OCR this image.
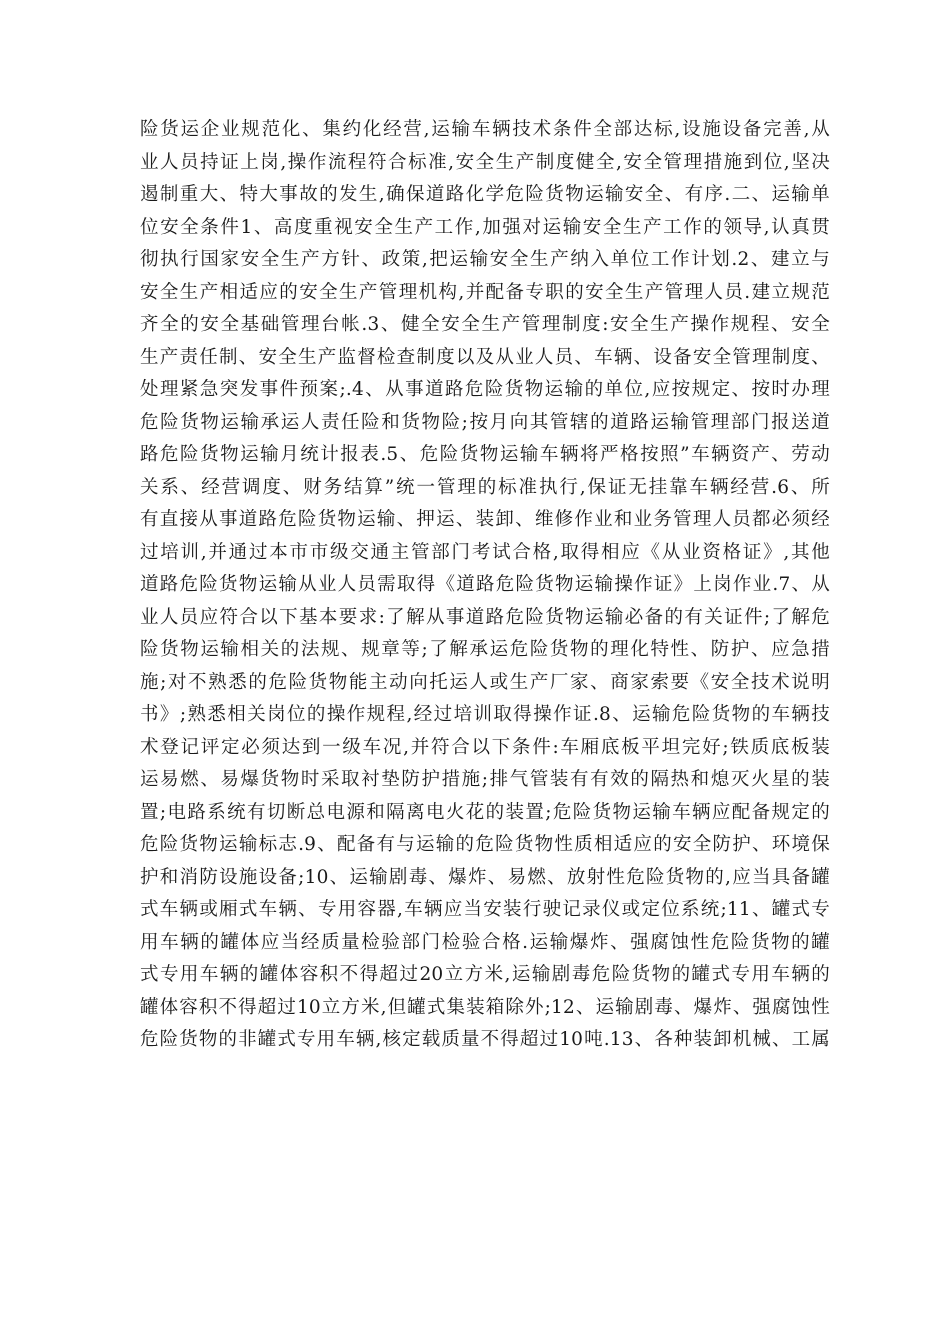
险货运企业规范化、集约化经营,运输车辆技术条件全部达标,设施设备完善,从
业人员持证上岗,操作流程符合标准,安全生产制度健全,安全管理措施到位,坚决
遏制重大、特大事故的发生,确保道路化学危险货物运输安全、有序.二、运输单
位安全条件1、高度重视安全生产工作,加强对运输安全生产工作的领导,认真贯
彻执行国家安全生产方针、政策,把运输安全生产纳入单位工作计划.2、建立与
安全生产相适应的安全生产管理机构,并配备专职的安全生产管理人员.建立规范
齐全的安全基础管理台帐.3、健全安全生产管理制度:安全生产操作规程、安全
生产责任制、安全生产监督检查制度以及从业人员、车辆、设备安全管理制度、
处理紧急突发事件预案;.4、从事道路危险货物运输的单位,应按规定、按时办理
危险货物运输承运人责任险和货物险;按月向其管辖的道路运输管理部门报送道
路危险货物运输月统计报表.5、危险货物运输车辆将严格按照”车辆资产、劳动
关系、经营调度、财务结算”统一管理的标准执行,保证无挂靠车辆经营.6、所
有直接从事道路危险货物运输、押运、装卸、维修作业和业务管理人员都必须经
过培训,并通过本市市级交通主管部门考试合格,取得相应《从业资格证》,其他
道路危险货物运输从业人员需取得《道路危险货物运输操作证》上岗作业.7、从
业人员应符合以下基本要求:了解从事道路危险货物运输必备的有关证件;了解危
险货物运输相关的法规、规章等;了解承运危险货物的理化特性、防护、应急措
施;对不熟悉的危险货物能主动向托运人或生产厂家、商家索要《安全技术说明
书》;熟悉相关岗位的操作规程,经过培训取得操作证.8、运输危险货物的车辆技
术登记评定必须达到一级车况,并符合以下条件:车厢底板平坦完好;铁质底板装
运易燃、易爆货物时采取衬垫防护措施;排气管装有有效的隔热和熄灭火星的装
置;电路系统有切断总电源和隔离电火花的装置;危险货物运输车辆应配备规定的
危险货物运输标志.9、配备有与运输的危险货物性质相适应的安全防护、环境保
护和消防设施设备;10、运输剧毒、爆炸、易燃、放射性危险货物的,应当具备罐
式车辆或厢式车辆、专用容器,车辆应当安装行驶记录仪或定位系统;11、罐式专
用车辆的罐体应当经质量检验部门检验合格.运输爆炸、强腐蚀性危险货物的罐
式专用车辆的罐体容积不得超过20立方米,运输剧毒危险货物的罐式专用车辆的
罐体容积不得超过10立方米,但罐式集装箱除外;12、运输剧毒、爆炸、强腐蚀性
危险货物的非罐式专用车辆,核定载质量不得超过10吨.13、各种装卸机械、工属
